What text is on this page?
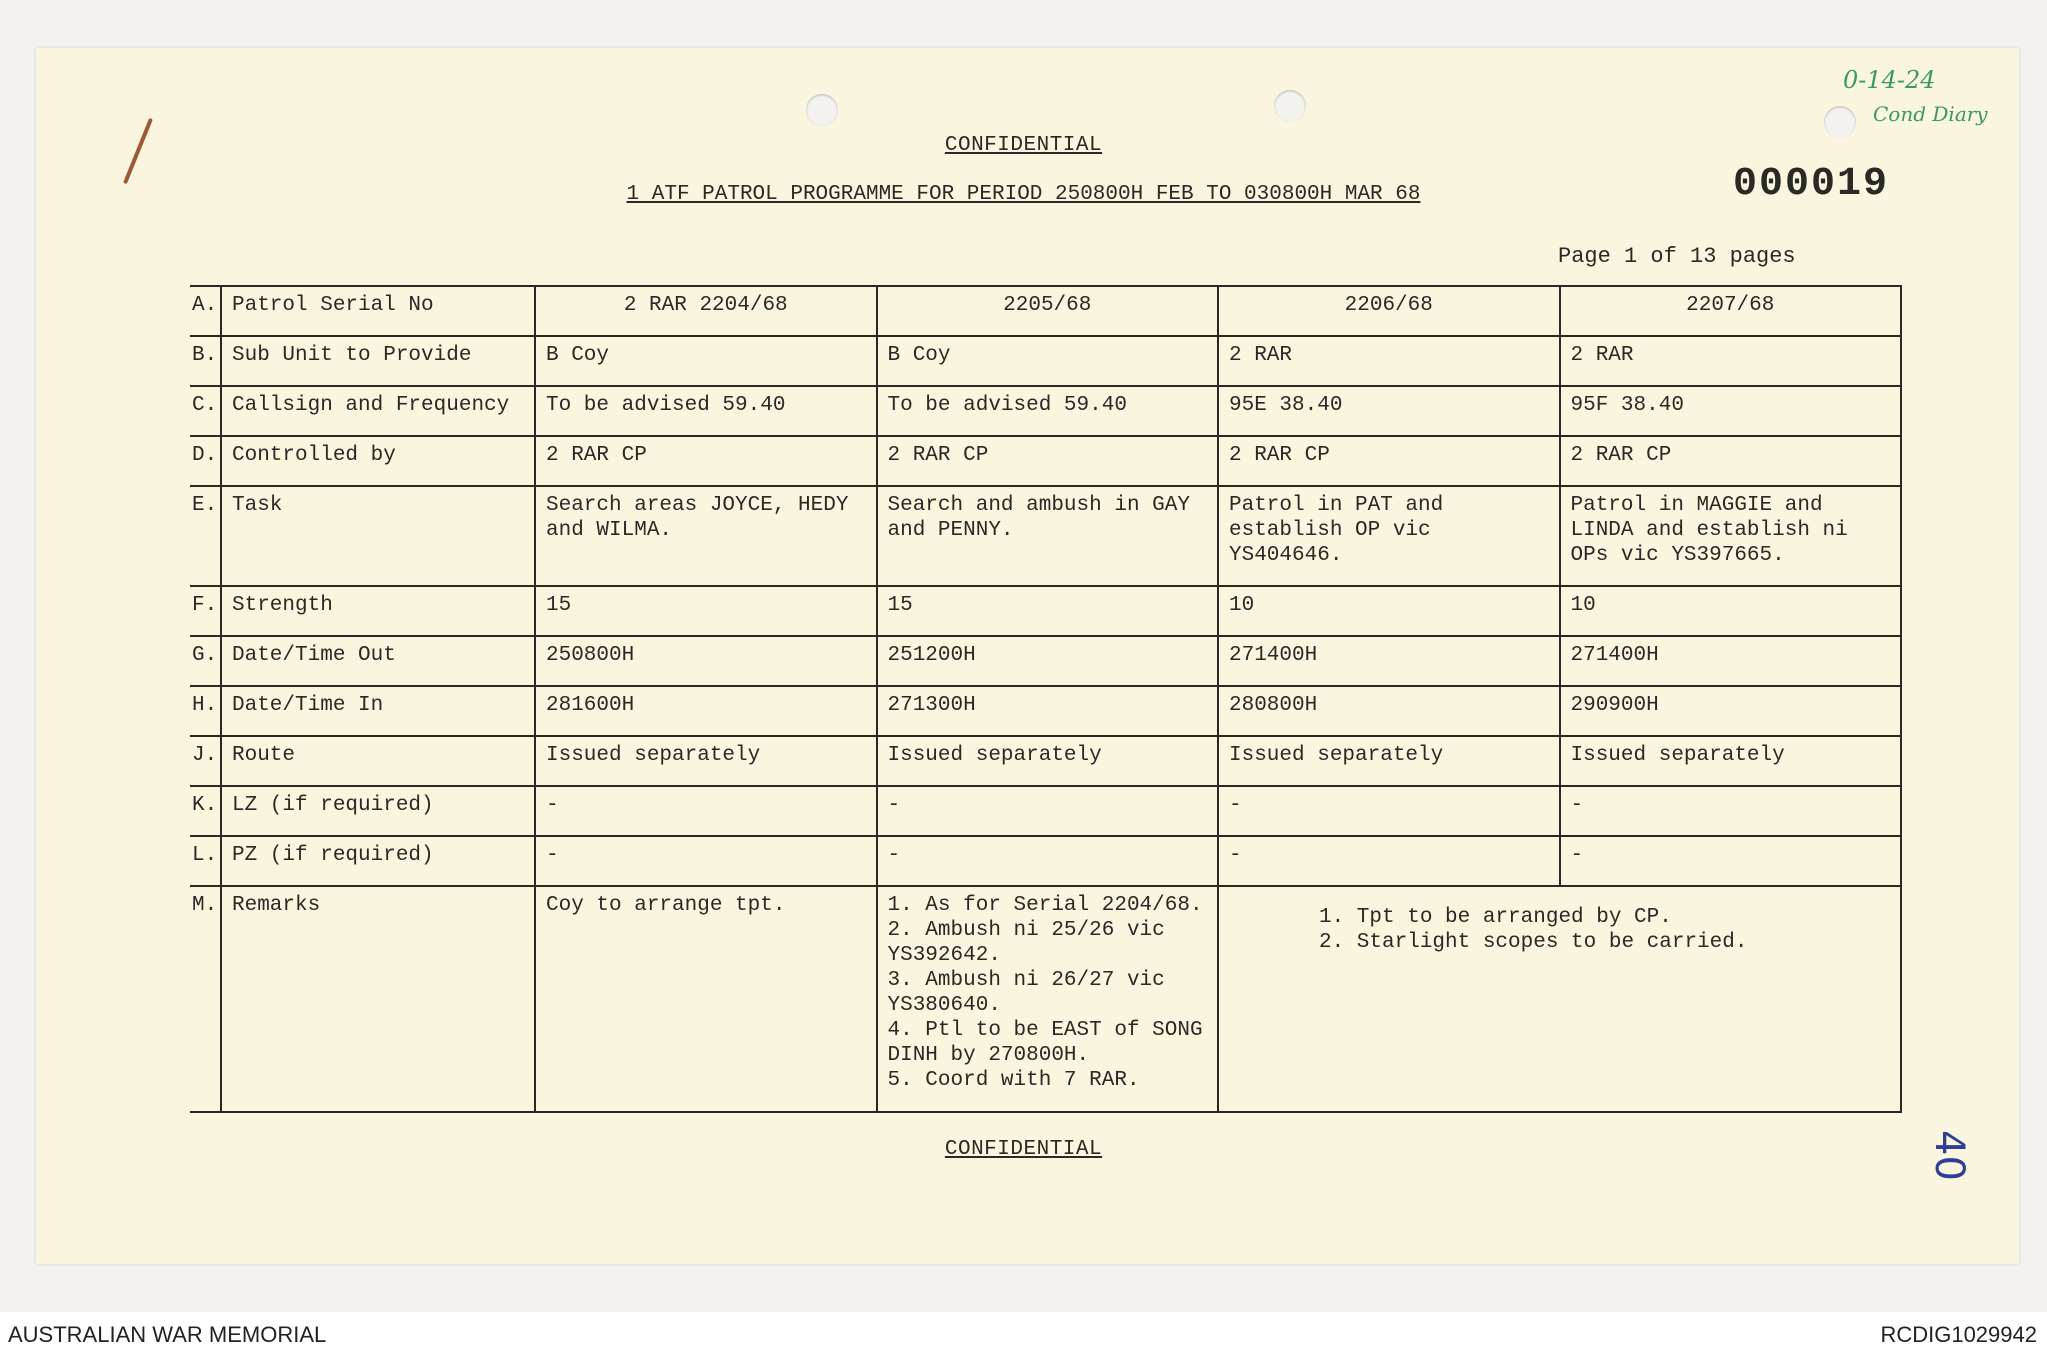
0-14-24
Cond Diary
40
CONFIDENTIAL
1 ATF PATROL PROGRAMME FOR PERIOD 250800H FEB TO 030800H MAR 68	000019
Page 1 of 13 pages
A.	Patrol Serial No	2 RAR 2204/68	2205/68	2206/68	2207/68
B.	Sub Unit to Provide	B Coy	B Coy	2 RAR	2 RAR
C.	Callsign and Frequency	To be advised 59.40	To be advised 59.40	95E 38.40	95F 38.40
D.	Controlled by	2 RAR CP	2 RAR CP	2 RAR CP	2 RAR CP
E.	Task	Search areas JOYCE, HEDY and WILMA.	Search and ambush in GAY and PENNY.	Patrol in PAT and establish OP vic YS404646.	Patrol in MAGGIE and LINDA and establish ni OPs vic YS397665.
F.	Strength	15	15	10	10
G.	Date/Time Out	250800H	251200H	271400H	271400H
H.	Date/Time In	281600H	271300H	280800H	290900H
J.	Route	Issued separately	Issued separately	Issued separately	Issued separately
K.	LZ (if required)	-	-	-	-
L.	PZ (if required)	-	-	-	-
M.	Remarks	Coy to arrange tpt.	1. As for Serial 2204/68.
2. Ambush ni 25/26 vic YS392642.
3. Ambush ni 26/27 vic YS380640.
4. Ptl to be EAST of SONG DINH by 270800H.
5. Coord with 7 RAR.	1. Tpt to be arranged by CP.
2. Starlight scopes to be carried.	
CONFIDENTIAL
AUSTRALIAN WAR MEMORIAL	RCDIG1029942
